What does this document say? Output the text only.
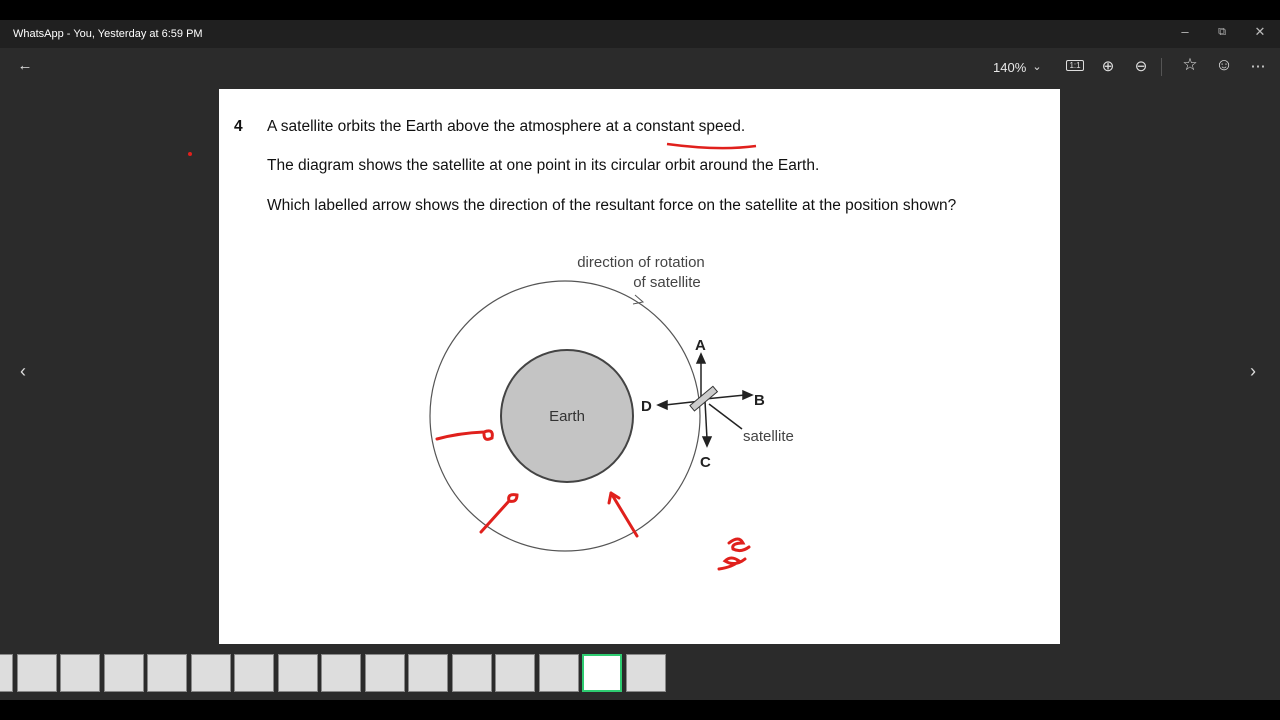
WhatsApp - You, Yesterday at 6:59 PM	–	⧉	✕
←	140% ⌄	1:1	⊕	⊖	☆ ☺	⋯
‹	›
4 A satellite orbits the Earth above the atmosphere at a constant speed.
The diagram shows the satellite at one point in its circular orbit around the Earth.
Which labelled arrow shows the direction of the resultant force on the satellite at the position shown?
direction of rotation
of satellite
Earth
satellite
A
B
C
D
